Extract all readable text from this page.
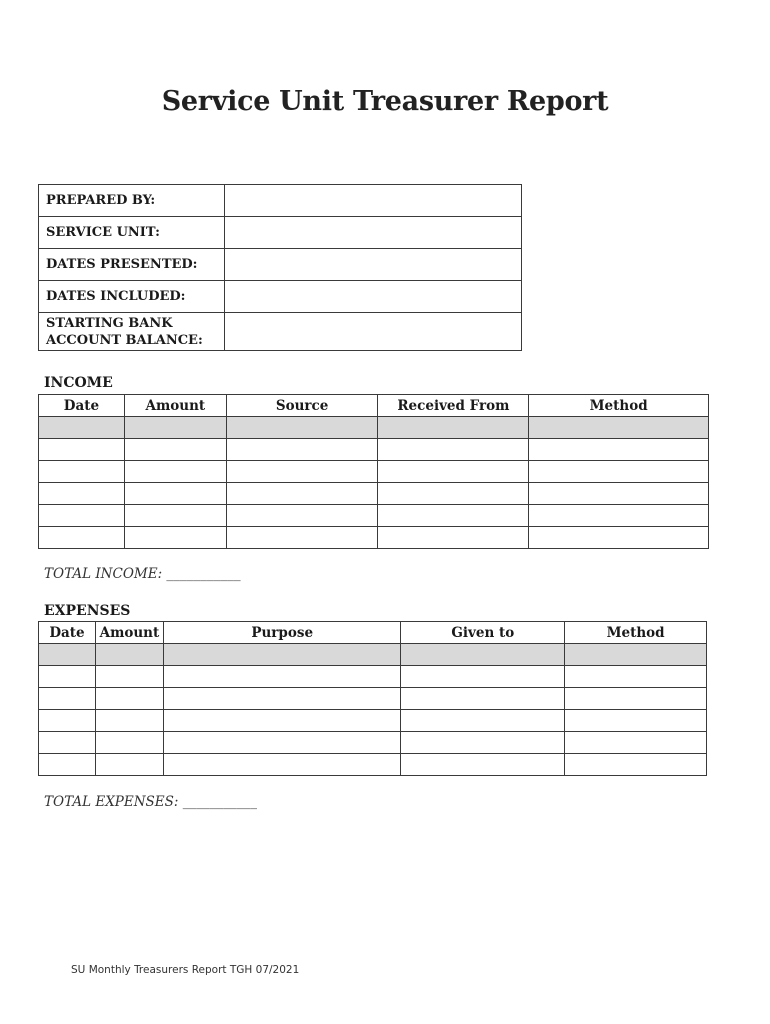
Service Unit Treasurer Report
PREPARED BY:	
SERVICE UNIT:	
DATES PRESENTED:	
DATES INCLUDED:	

STARTING BANK
ACCOUNT BALANCE:	

INCOME
Date	Amount	Source	Received From	Method

TOTAL INCOME: ___________
EXPENSES
Date	Amount	Purpose	Given to	Method

TOTAL EXPENSES: ___________
SU Monthly Treasurers Report TGH 07/2021
